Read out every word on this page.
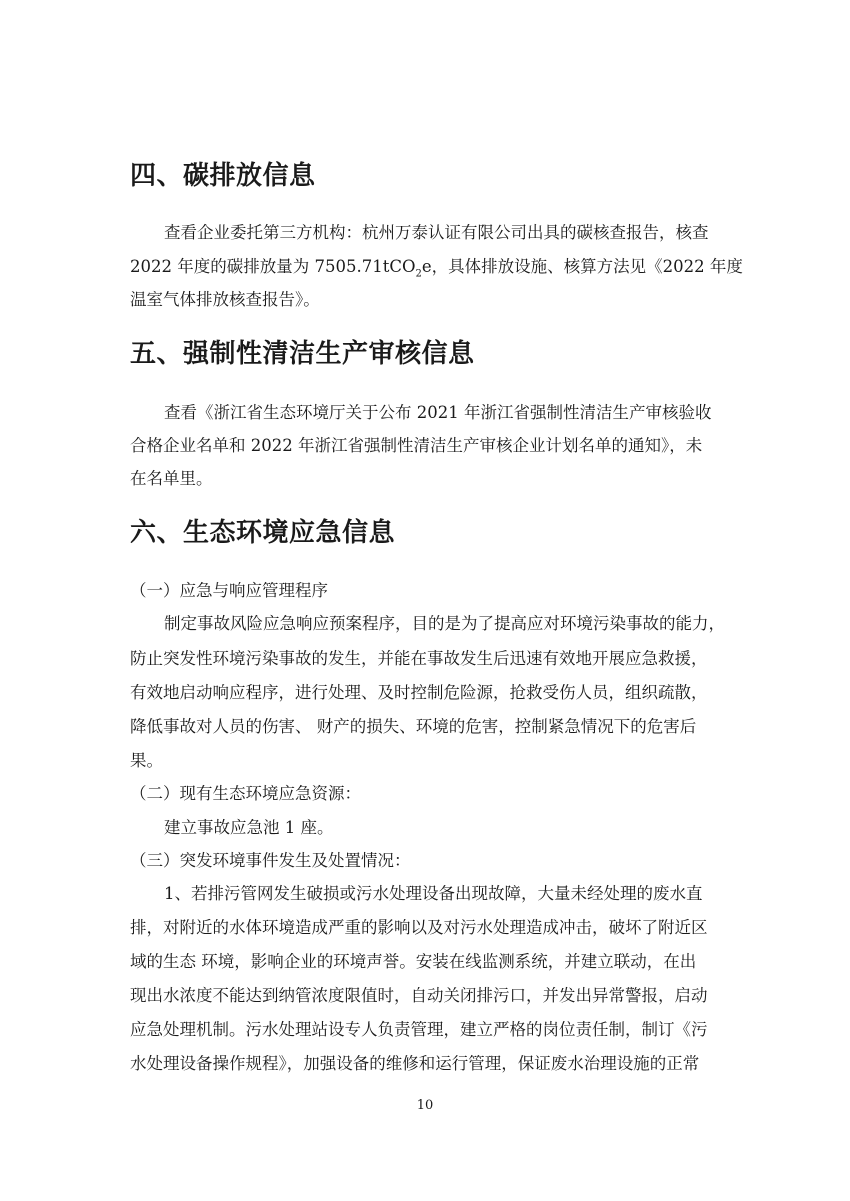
四、碳排放信息

查看企业委托第三方机构：杭州万泰认证有限公司出具的碳核查报告，核查

2022 年度的碳排放量为 7505.71tCO$_2$e，具体排放设施、核算方法见《2022 年度

温室气体排放核查报告》。

五、强制性清洁生产审核信息

查看《浙江省生态环境厅关于公布 2021 年浙江省强制性清洁生产审核验收

合格企业名单和 2022 年浙江省强制性清洁生产审核企业计划名单的通知》，未

在名单里。

六、生态环境应急信息

（一）应急与响应管理程序

制定事故风险应急响应预案程序，目的是为了提高应对环境污染事故的能力，

防止突发性环境污染事故的发生，并能在事故发生后迅速有效地开展应急救援，

有效地启动响应程序，进行处理、及时控制危险源，抢救受伤人员，组织疏散，

降低事故对人员的伤害、 财产的损失、环境的危害，控制紧急情况下的危害后

果。

（二）现有生态环境应急资源：

建立事故应急池 1 座。

（三）突发环境事件发生及处置情况：

1、若排污管网发生破损或污水处理设备出现故障，大量未经处理的废水直

排，对附近的水体环境造成严重的影响以及对污水处理造成冲击，破坏了附近区

域的生态 环境，影响企业的环境声誉。安装在线监测系统，并建立联动，在出

现出水浓度不能达到纳管浓度限值时，自动关闭排污口，并发出异常警报，启动

应急处理机制。污水处理站设专人负责管理，建立严格的岗位责任制，制订《污

水处理设备操作规程》，加强设备的维修和运行管理，保证废水治理设施的正常

10
